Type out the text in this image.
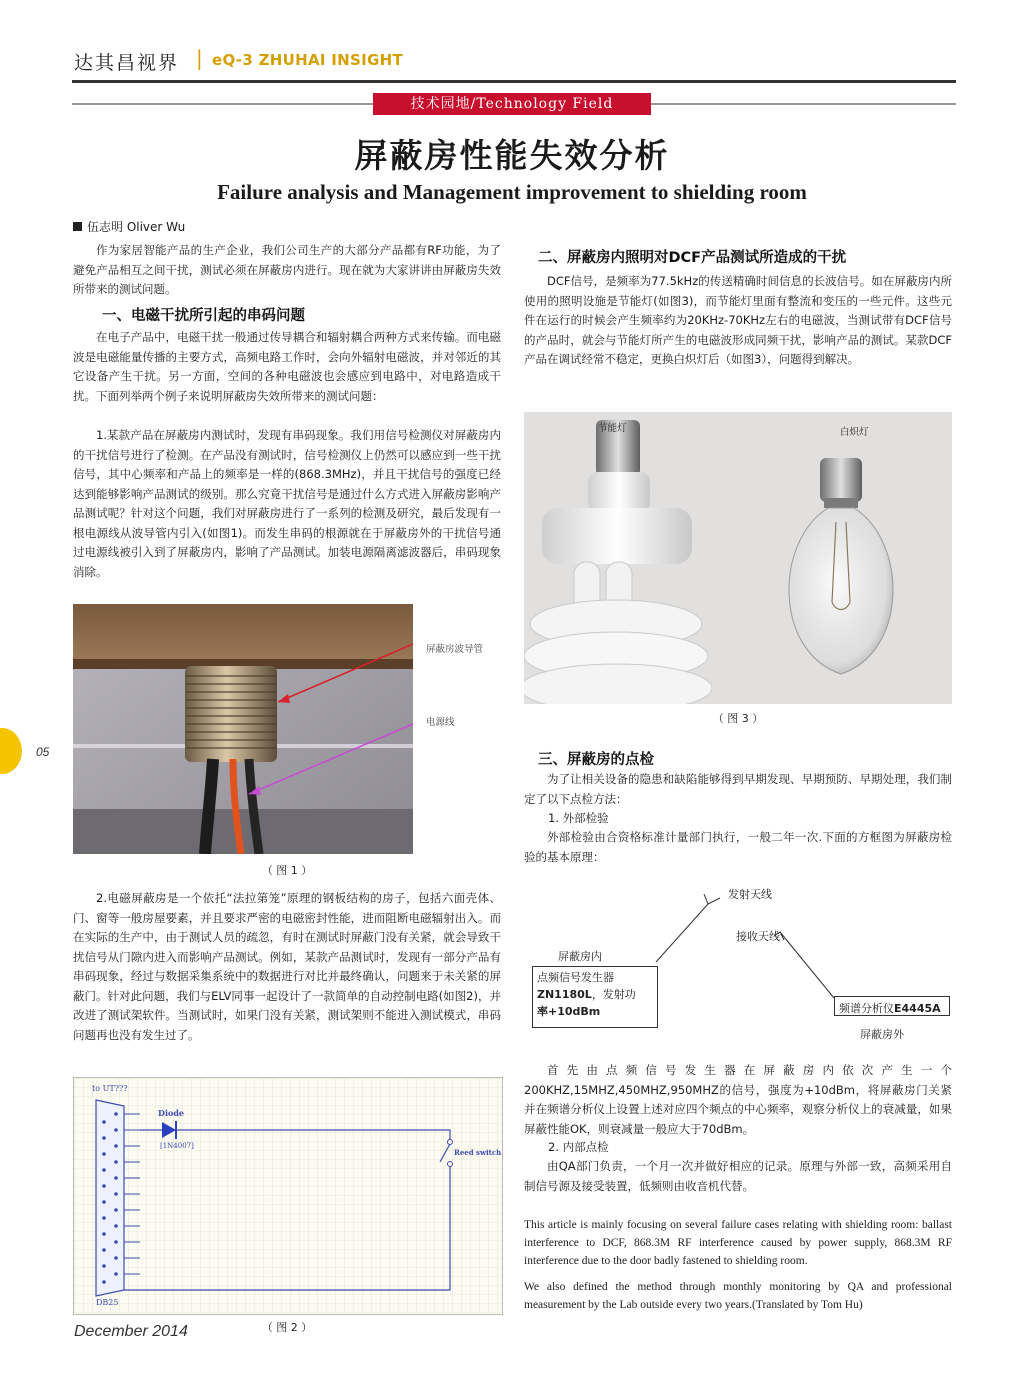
达其昌视界 | eQ-3 ZHUHAI INSIGHT
技术园地/Technology Field
屏蔽房性能失效分析
Failure analysis and Management improvement to shielding room
伍志明 Oliver Wu
作为家居智能产品的生产企业，我们公司生产的大部分产品都有RF功能，为了避免产品相互之间干扰，测试必须在屏蔽房内进行。现在就为大家讲讲由屏蔽房失效所带来的测试问题。
一、电磁干扰所引起的串码问题
在电子产品中，电磁干扰一般通过传导耦合和辐射耦合两种方式来传输。而电磁波是电磁能量传播的主要方式，高频电路工作时，会向外辐射电磁波，并对邻近的其它设备产生干扰。另一方面，空间的各种电磁波也会感应到电路中，对电路造成干扰。下面列举两个例子来说明屏蔽房失效所带来的测试问题：
1.某款产品在屏蔽房内测试时，发现有串码现象。我们用信号检测仪对屏蔽房内的干扰信号进行了检测。在产品没有测试时，信号检测仪上仍然可以感应到一些干扰信号，其中心频率和产品上的频率是一样的(868.3MHz)，并且干扰信号的强度已经达到能够影响产品测试的级别。那么究竟干扰信号是通过什么方式进入屏蔽房影响产品测试呢？针对这个问题，我们对屏蔽房进行了一系列的检测及研究，最后发现有一根电源线从波导管内引入(如图1)。而发生串码的根源就在于屏蔽房外的干扰信号通过电源线被引入到了屏蔽房内，影响了产品测试。加装电源隔离滤波器后，串码现象消除。
屏蔽房波导管
电源线
（ 图 1 ）
2.电磁屏蔽房是一个依托“法拉第笼”原理的钢板结构的房子，包括六面壳体、门、窗等一般房屋要素，并且要求严密的电磁密封性能，进而阻断电磁辐射出入。而在实际的生产中，由于测试人员的疏忽，有时在测试时屏蔽门没有关紧，就会导致干扰信号从门隙内进入而影响产品测试。例如，某款产品测试时，发现有一部分产品有串码现象，经过与数据采集系统中的数据进行对比并最终确认，问题来于未关紧的屏蔽门。针对此问题，我们与ELV同事一起设计了一款简单的自动控制电路(如图2)，并改进了测试架软件。当测试时，如果门没有关紧，测试架则不能进入测试模式，串码问题再也没有发生过了。
to UT???
Diode
[1N4007]
Reed switch
DB25
（ 图 2 ）
二、屏蔽房内照明对DCF产品测试所造成的干扰
DCF信号，是频率为77.5kHz的传送精确时间信息的长波信号。如在屏蔽房内所使用的照明设施是节能灯(如图3)，而节能灯里面有整流和变压的一些元件。这些元件在运行的时候会产生频率约为20KHz-70KHz左右的电磁波，当测试带有DCF信号的产品时，就会与节能灯所产生的电磁波形成同频干扰，影响产品的测试。某款DCF产品在调试经常不稳定，更换白炽灯后（如图3），问题得到解决。
节能灯	白炽灯
（ 图 3 ）
三、屏蔽房的点检
为了让相关设备的隐患和缺陷能够得到早期发现、早期预防、早期处理，我们制定了以下点检方法：
1. 外部检验
外部检验由合资格标准计量部门执行，一般二年一次.下面的方框图为屏蔽房检验的基本原理：
发射天线
接收天线
屏蔽房内
点频信号发生器
ZN1180L，发射功
率+10dBm	频谱分析仪E4445A
屏蔽房外
首先由点频信号发生器在屏蔽房内依次产生一个200KHZ,15MHZ,450MHZ,950MHZ的信号，强度为+10dBm，将屏蔽房门关紧并在频谱分析仪上设置上述对应四个频点的中心频率，观察分析仪上的衰减量，如果屏蔽性能OK，则衰减量一般应大于70dBm。
2. 内部点检
由QA部门负责，一个月一次并做好相应的记录。原理与外部一致，高频采用自制信号源及接受装置，低频则由收音机代替。
This article is mainly focusing on several failure cases relating with shielding room: ballast interference to DCF, 868.3M RF interference caused by power supply, 868.3M RF interference due to the door badly fastened to shielding room.
We also defined the method through monthly monitoring by QA and professional measurement by the Lab outside every two years.(Translated by Tom Hu)
05
December 2014
